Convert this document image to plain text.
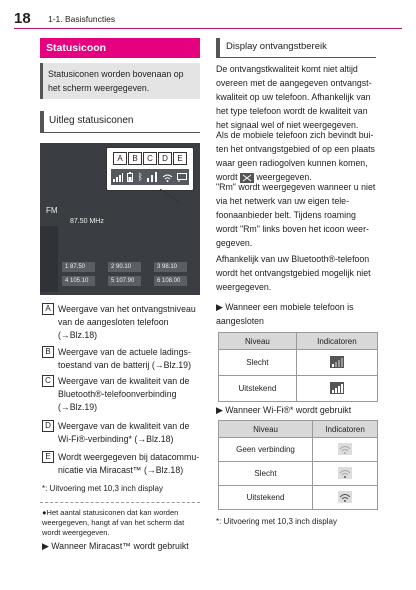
18 1-1. Basisfuncties
Statusicoon
Statusiconen worden bovenaan op het scherm weergegeven.
Uitleg statusiconen
FM
87.50 MHz
1 87.50	2 90.10	3 98.10
4 105.10	5 107.90	6 108.00
A	B	C	D	E
ᛒ
A Weergave van het ontvangstniveau
van de aangesloten telefoon
(→Blz.18)
B Weergave van de actuele ladings-
toestand van de batterij (→Blz.19)
C Weergave van de kwaliteit van de
Bluetooth®-telefoonverbinding
(→Blz.19)
D Weergave van de kwaliteit van de
Wi-Fi®-verbinding* (→Blz.18)
E Wordt weergegeven bij datacommu-
nicatie via Miracast™ (→Blz.18)
*: Uitvoering met 10,3 inch display
●Het aantal statusiconen dat kan worden weergegeven, hangt af van het scherm dat wordt weergegeven.
▶ Wanneer Miracast™ wordt gebruikt
Display ontvangstbereik
De ontvangstkwaliteit komt niet altijd overeen met de aangegeven ontvangst- kwaliteit op uw telefoon. Afhankelijk van het type telefoon wordt de kwaliteit van het signaal wel of niet weergegeven.
Als de mobiele telefoon zich bevindt bui- ten het ontvangstgebied of op een plaats waar geen radiogolven kunnen komen, wordt  weergegeven.
"Rm" wordt weergegeven wanneer u niet via het netwerk van uw eigen tele- foonaanbieder belt. Tijdens roaming wordt "Rm" links boven het icoon weer- gegeven.
Afhankelijk van uw Bluetooth®-telefoon wordt het ontvangstgebied mogelijk niet weergegeven.
▶ Wanneer een mobiele telefoon is aangesloten
Niveau	Indicatoren
Slecht	
Uitstekend	
▶ Wanneer Wi-Fi®* wordt gebruikt
Niveau	Indicatoren
Geen verbinding	
Slecht	
Uitstekend	
*: Uitvoering met 10,3 inch display
